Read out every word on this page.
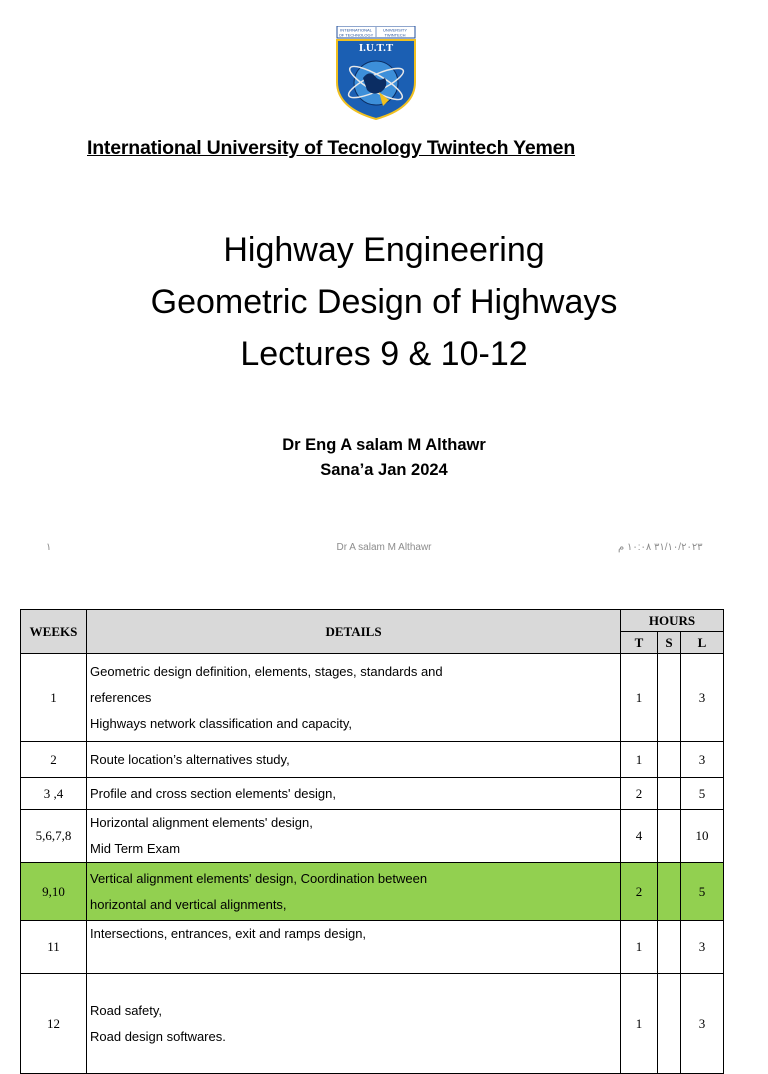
INTERNATIONAL	UNIVERSITY
OF TECHNOLOGY	TWINTECH
I.U.T.T
International University of Tecnology Twintech Yemen
Highway Engineering
Geometric Design of Highways
Lectures 9 & 10-12
Dr Eng A salam M Althawr
Sana’a Jan 2024
١	Dr A salam M Althawr	٣١/١٠/٢٠٢٣ ١٠:٠٨ م
WEEKS	DETAILS	HOURS		
		T	S	L
1	Geometric design definition, elements, stages, standards and
references
Highways network classification and capacity,	1		3
2	Route location’s alternatives study,	1		3
3 ,4	Profile and cross section elements' design,	2		5
5,6,7,8	Horizontal alignment elements' design,
Mid Term Exam	4		10
9,10	Vertical alignment elements' design, Coordination between
horizontal and vertical alignments,	2		5
11	Intersections, entrances, exit and ramps design,	1		3
12	Road safety,
Road design softwares.	1		3
